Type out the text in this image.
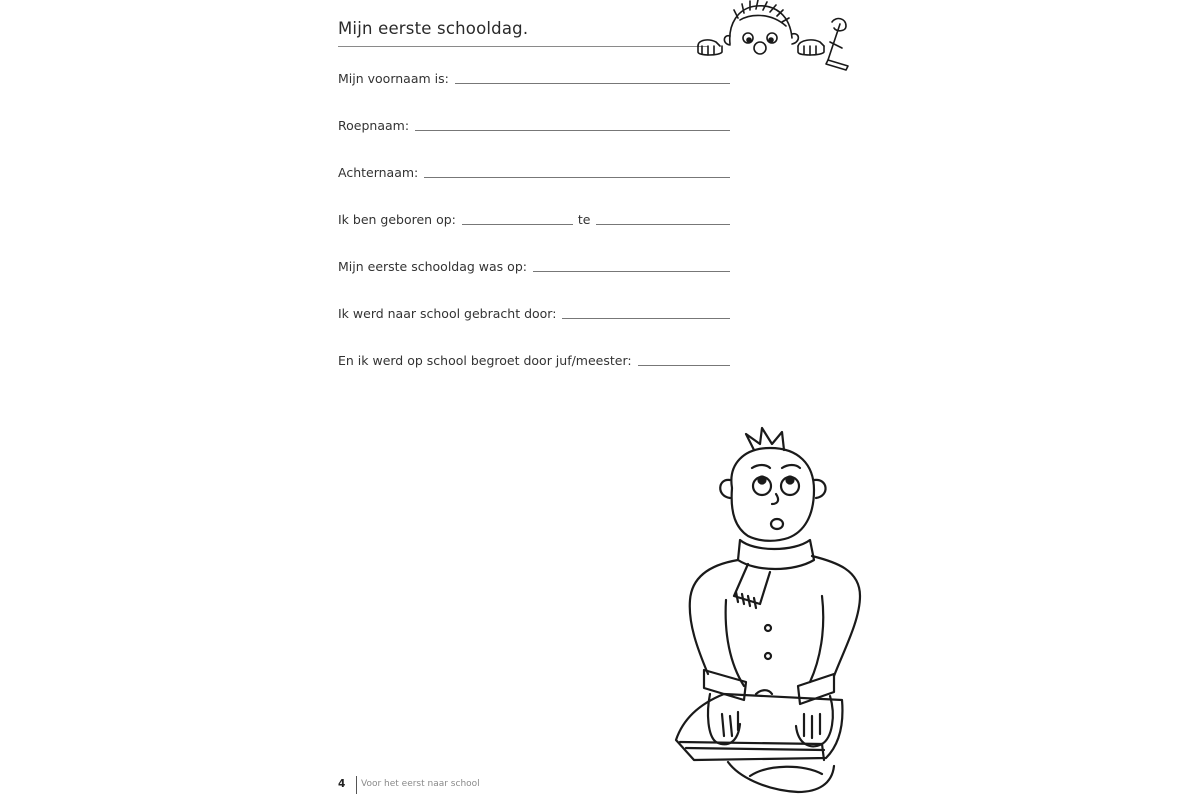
Mijn eerste schooldag.
Mijn voornaam is:
Roepnaam:
Achternaam:
Ik ben geboren op:	te
Mijn eerste schooldag was op:
Ik werd naar school gebracht door:
En ik werd op school begroet door juf/meester:
4 Voor het eerst naar school
